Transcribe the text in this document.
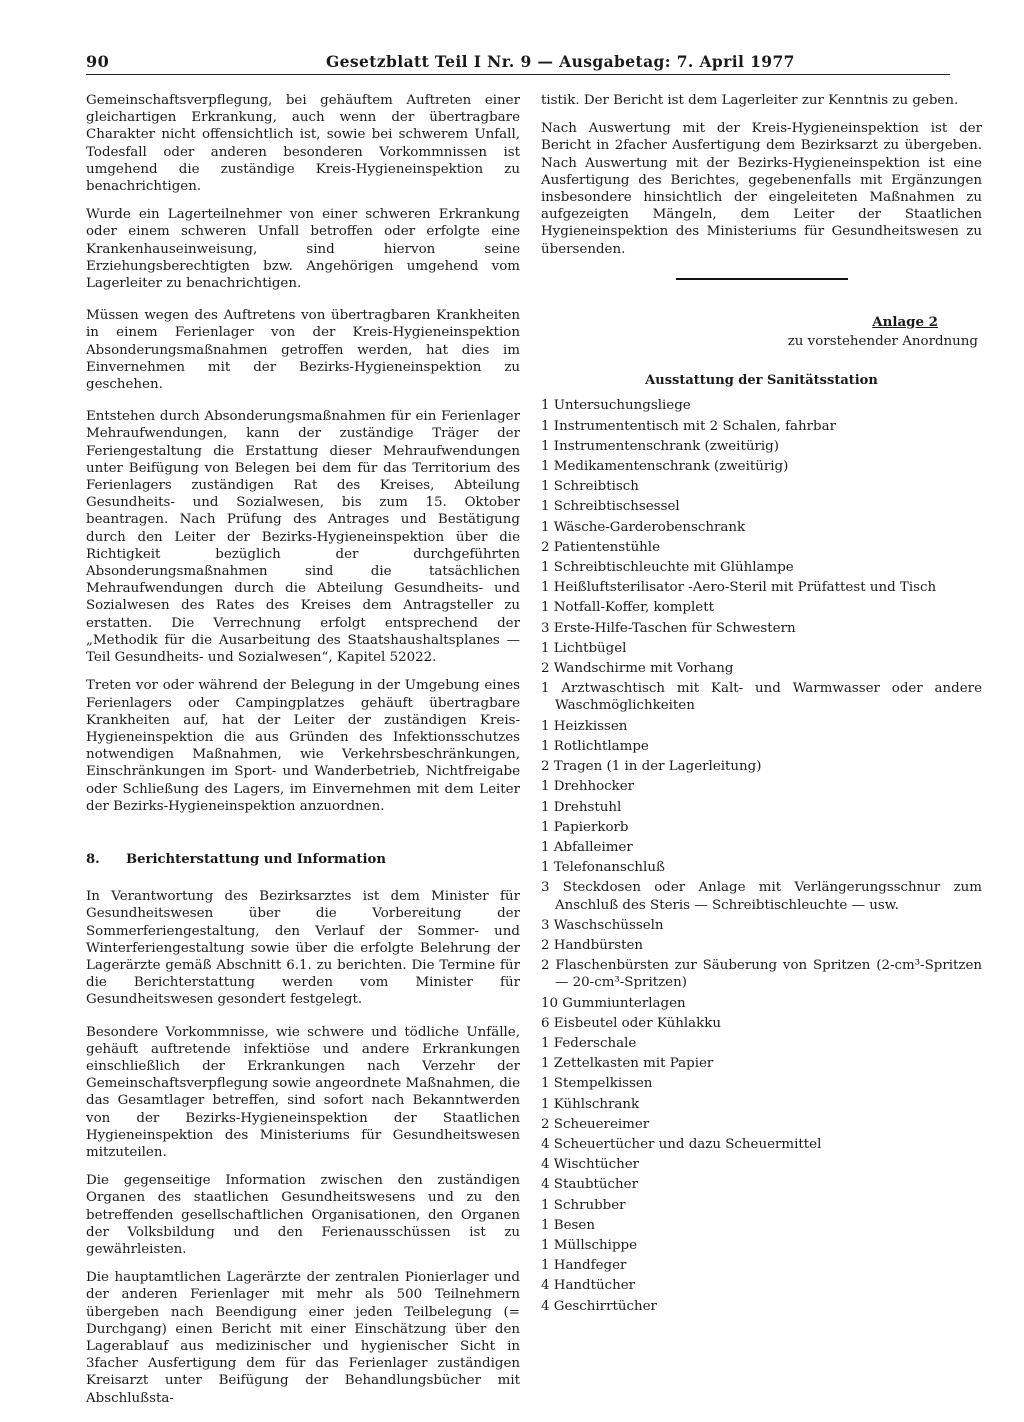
90	Gesetzblatt Teil I Nr. 9 — Ausgabetag: 7. April 1977

Gemeinschaftsverpflegung, bei gehäuftem Auftreten einer gleichartigen Erkrankung, auch wenn der übertragbare Charakter nicht offensichtlich ist, sowie bei schwerem Unfall, Todesfall oder anderen besonderen Vorkommnissen ist umgehend die zuständige Kreis-Hygieneinspektion zu benachrichtigen.

Wurde ein Lagerteilnehmer von einer schweren Erkrankung oder einem schweren Unfall betroffen oder erfolgte eine Krankenhauseinweisung, sind hiervon seine Erziehungsberechtigten bzw. Angehörigen umgehend vom Lagerleiter zu benachrichtigen.

Müssen wegen des Auftretens von übertragbaren Krankheiten in einem Ferienlager von der Kreis-Hygieneinspektion Absonderungsmaßnahmen getroffen werden, hat dies im Einvernehmen mit der Bezirks-Hygieneinspektion zu geschehen.

Entstehen durch Absonderungsmaßnahmen für ein Ferienlager Mehraufwendungen, kann der zuständige Träger der Feriengestaltung die Erstattung dieser Mehraufwendungen unter Beifügung von Belegen bei dem für das Territorium des Ferienlagers zuständigen Rat des Kreises, Abteilung Gesundheits- und Sozialwesen, bis zum 15. Oktober beantragen. Nach Prüfung des Antrages und Bestätigung durch den Leiter der Bezirks-Hygieneinspektion über die Richtigkeit bezüglich der durchgeführten Absonderungsmaßnahmen sind die tatsächlichen Mehraufwendungen durch die Abteilung Gesundheits- und Sozialwesen des Rates des Kreises dem Antragsteller zu erstatten. Die Verrechnung erfolgt entsprechend der „Methodik für die Ausarbeitung des Staatshaushaltsplanes — Teil Gesundheits- und Sozialwesen“, Kapitel 52022.

Treten vor oder während der Belegung in der Umgebung eines Ferienlagers oder Campingplatzes gehäuft übertragbare Krankheiten auf, hat der Leiter der zuständigen Kreis-Hygieneinspektion die aus Gründen des Infektionsschutzes notwendigen Maßnahmen, wie Verkehrsbeschränkungen, Einschränkungen im Sport- und Wanderbetrieb, Nichtfreigabe oder Schließung des Lagers, im Einvernehmen mit dem Leiter der Bezirks-Hygieneinspektion anzuordnen.

8.	Berichterstattung und Information

In Verantwortung des Bezirksarztes ist dem Minister für Gesundheitswesen über die Vorbereitung der Sommerferiengestaltung, den Verlauf der Sommer- und Winterferiengestaltung sowie über die erfolgte Belehrung der Lagerärzte gemäß Abschnitt 6.1. zu berichten. Die Termine für die Berichterstattung werden vom Minister für Gesundheitswesen gesondert festgelegt.

Besondere Vorkommnisse, wie schwere und tödliche Unfälle, gehäuft auftretende infektiöse und andere Erkrankungen einschließlich der Erkrankungen nach Verzehr der Gemeinschaftsverpflegung sowie angeordnete Maßnahmen, die das Gesamtlager betreffen, sind sofort nach Bekanntwerden von der Bezirks-Hygieneinspektion der Staatlichen Hygieneinspektion des Ministeriums für Gesundheitswesen mitzuteilen.

Die gegenseitige Information zwischen den zuständigen Organen des staatlichen Gesundheitswesens und zu den betreffenden gesellschaftlichen Organisationen, den Organen der Volksbildung und den Ferienausschüssen ist zu gewährleisten.

Die hauptamtlichen Lagerärzte der zentralen Pionierlager und der anderen Ferienlager mit mehr als 500 Teilnehmern übergeben nach Beendigung einer jeden Teilbelegung (= Durchgang) einen Bericht mit einer Einschätzung über den Lagerablauf aus medizinischer und hygienischer Sicht in 3facher Ausfertigung dem für das Ferienlager zuständigen Kreisarzt unter Beifügung der Behandlungsbücher mit Abschlußsta-

tistik. Der Bericht ist dem Lagerleiter zur Kenntnis zu geben.

Nach Auswertung mit der Kreis-Hygieneinspektion ist der Bericht in 2facher Ausfertigung dem Bezirksarzt zu übergeben. Nach Auswertung mit der Bezirks-Hygieneinspektion ist eine Ausfertigung des Berichtes, gegebenenfalls mit Ergänzungen insbesondere hinsichtlich der eingeleiteten Maßnahmen zu aufgezeigten Mängeln, dem Leiter der Staatlichen Hygieneinspektion des Ministeriums für Gesundheitswesen zu übersenden.

Anlage 2
zu vorstehender Anordnung
Ausstattung der Sanitätsstation
1 Untersuchungsliege
1 Instrumententisch mit 2 Schalen, fahrbar
1 Instrumentenschrank (zweitürig)
1 Medikamentenschrank (zweitürig)
1 Schreibtisch
1 Schreibtischsessel
1 Wäsche-Garderobenschrank
2 Patientenstühle
1 Schreibtischleuchte mit Glühlampe
1 Heißluftsterilisator -Aero-Steril mit Prüfattest und Tisch
1 Notfall-Koffer, komplett
3 Erste-Hilfe-Taschen für Schwestern
1 Lichtbügel
2 Wandschirme mit Vorhang
1 Arztwaschtisch mit Kalt- und Warmwasser oder andere Waschmöglichkeiten
1 Heizkissen
1 Rotlichtlampe
2 Tragen (1 in der Lagerleitung)
1 Drehhocker
1 Drehstuhl
1 Papierkorb
1 Abfalleimer
1 Telefonanschluß
3 Steckdosen oder Anlage mit Verlängerungsschnur zum Anschluß des Steris — Schreibtischleuchte — usw.
3 Waschschüsseln
2 Handbürsten
2 Flaschenbürsten zur Säuberung von Spritzen (2-cm³-Spritzen — 20-cm³-Spritzen)
10 Gummiunterlagen
6 Eisbeutel oder Kühlakku
1 Federschale
1 Zettelkasten mit Papier
1 Stempelkissen
1 Kühlschrank
2 Scheuereimer
4 Scheuertücher und dazu Scheuermittel
4 Wischtücher
4 Staubtücher
1 Schrubber
1 Besen
1 Müllschippe
1 Handfeger
4 Handtücher
4 Geschirrtücher
